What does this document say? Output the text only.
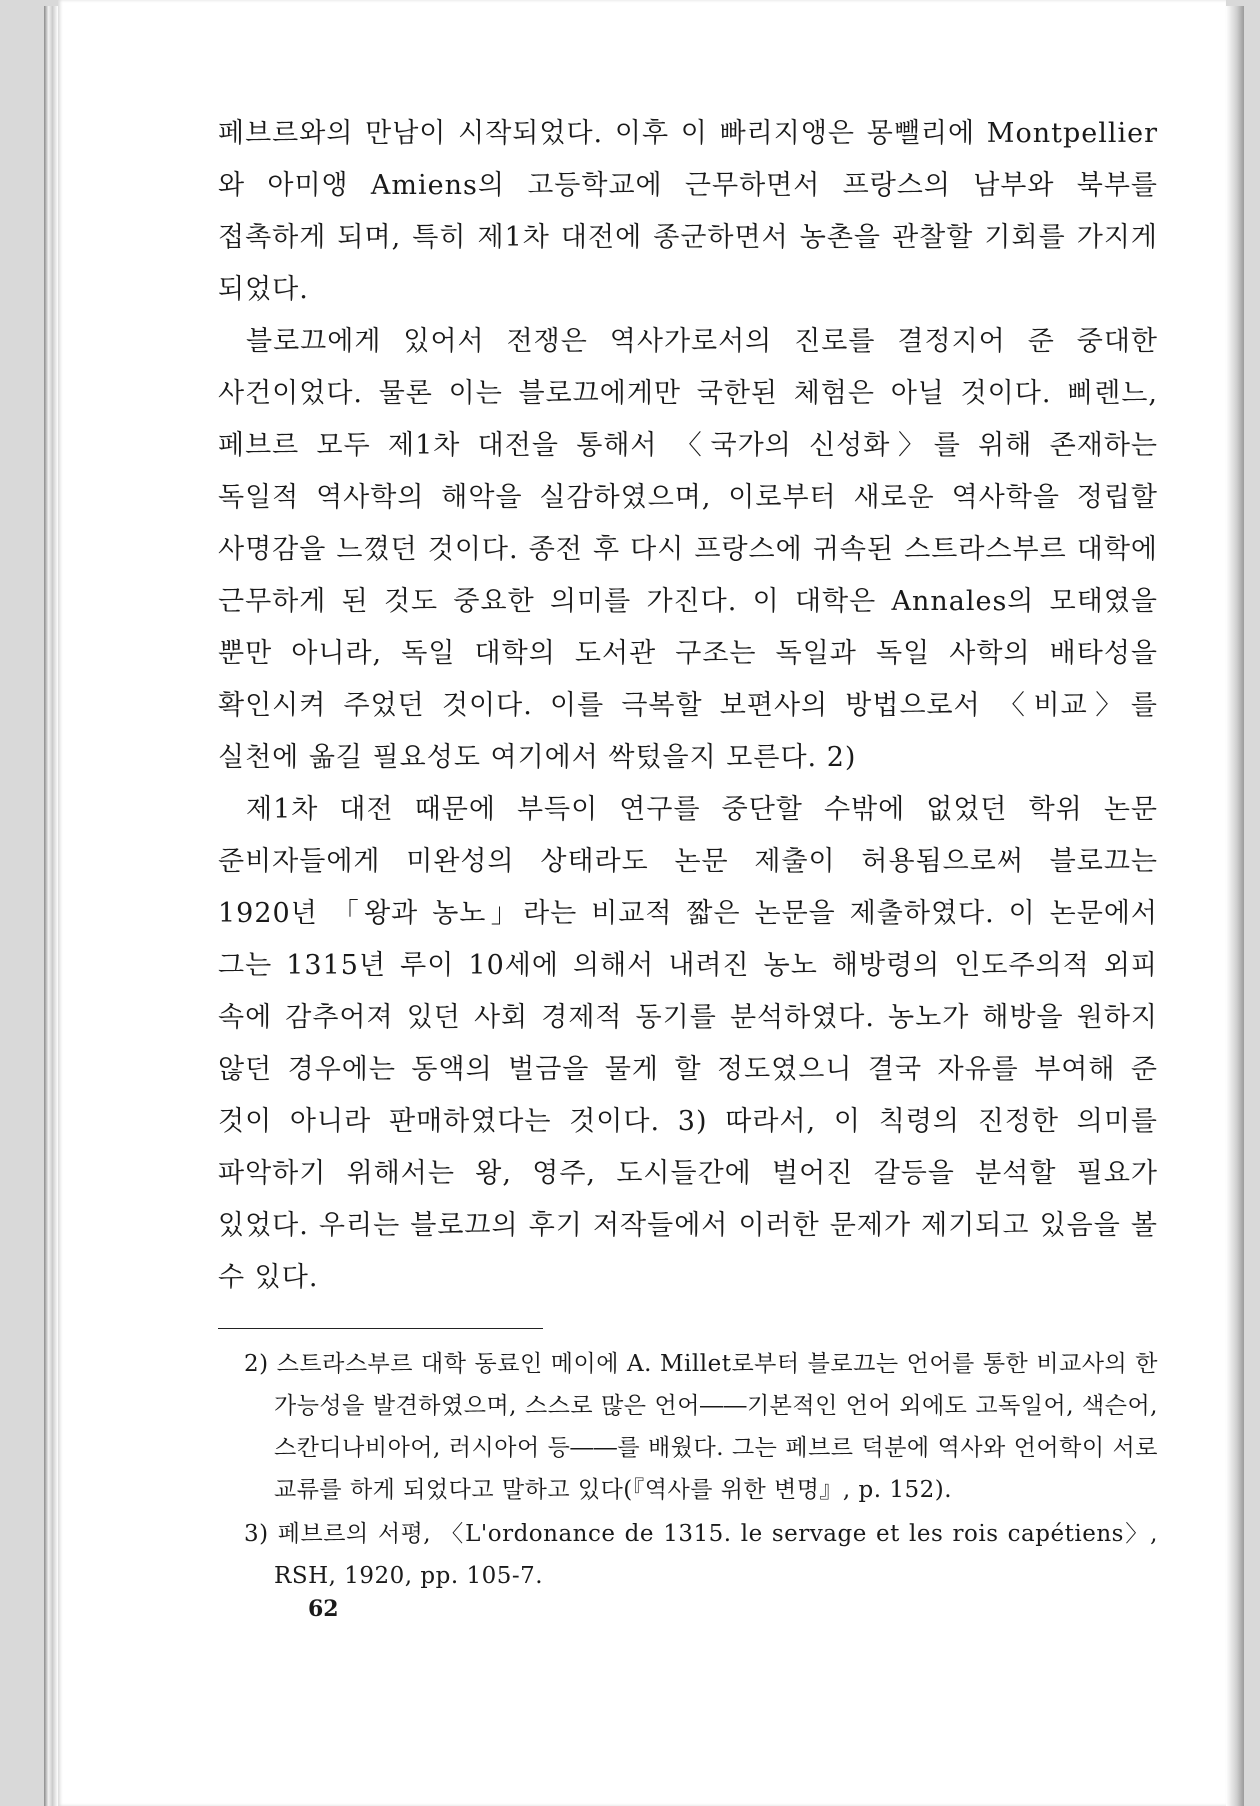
페브르와의 만남이 시작되었다. 이후 이 빠리지앵은 몽뺄리에 Montpellier 와 아미앵 Amiens의 고등학교에 근무하면서 프랑스의 남부와 북부를 접촉하게 되며, 특히 제1차 대전에 종군하면서 농촌을 관찰할 기회를 가지게 되었다.

블로끄에게 있어서 전쟁은 역사가로서의 진로를 결정지어 준 중대한 사건이었다. 물론 이는 블로끄에게만 국한된 체험은 아닐 것이다. 삐렌느, 페브르 모두 제1차 대전을 통해서 〈국가의 신성화〉를 위해 존재하는 독일적 역사학의 해악을 실감하였으며, 이로부터 새로운 역사학을 정립할 사명감을 느꼈던 것이다. 종전 후 다시 프랑스에 귀속된 스트라스부르 대학에 근무하게 된 것도 중요한 의미를 가진다. 이 대학은 Annales의 모태였을 뿐만 아니라, 독일 대학의 도서관 구조는 독일과 독일 사학의 배타성을 확인시켜 주었던 것이다. 이를 극복할 보편사의 방법으로서 〈비교〉를 실천에 옮길 필요성도 여기에서 싹텄을지 모른다. 2)

제1차 대전 때문에 부득이 연구를 중단할 수밖에 없었던 학위 논문 준비자들에게 미완성의 상태라도 논문 제출이 허용됨으로써 블로끄는 1920년 「왕과 농노」라는 비교적 짧은 논문을 제출하였다. 이 논문에서 그는 1315년 루이 10세에 의해서 내려진 농노 해방령의 인도주의적 외피 속에 감추어져 있던 사회 경제적 동기를 분석하였다. 농노가 해방을 원하지 않던 경우에는 동액의 벌금을 물게 할 정도였으니 결국 자유를 부여해 준 것이 아니라 판매하였다는 것이다. 3) 따라서, 이 칙령의 진정한 의미를 파악하기 위해서는 왕, 영주, 도시들간에 벌어진 갈등을 분석할 필요가 있었다. 우리는 블로끄의 후기 저작들에서 이러한 문제가 제기되고 있음을 볼 수 있다.

2) 스트라스부르 대학 동료인 메이에 A. Millet로부터 블로끄는 언어를 통한 비교사의 한 가능성을 발견하였으며, 스스로 많은 언어――기본적인 언어 외에도 고독일어, 색슨어, 스칸디나비아어, 러시아어 등――를 배웠다. 그는 페브르 덕분에 역사와 언어학이 서로 교류를 하게 되었다고 말하고 있다(『역사를 위한 변명』, p. 152).

3) 페브르의 서평, 〈L'ordonance de 1315. le servage et les rois capétiens〉, RSH, 1920, pp. 105-7.

62
